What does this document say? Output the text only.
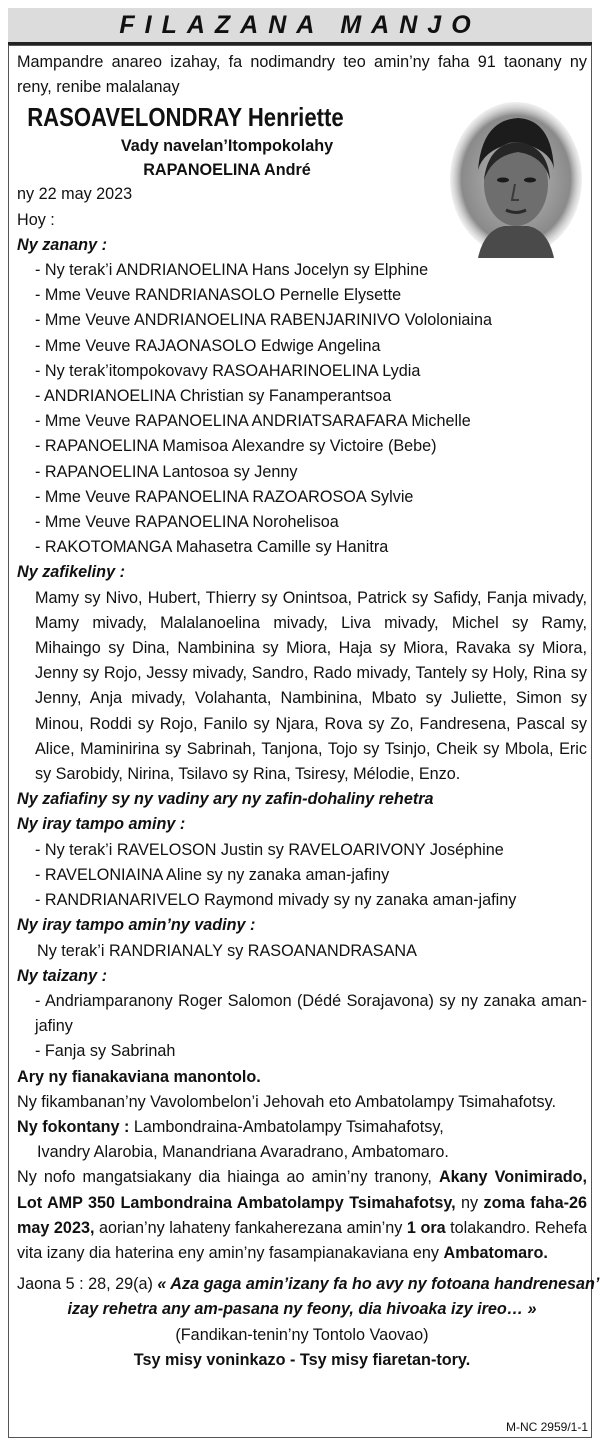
FILAZANA MANJO

Mampandre anareo izahay, fa nodimandry teo amin’ny faha 91 taonany ny reny, renibe malalanay

RASOAVELONDRAY Henriette

Vady navelan’Itompokolahy

RAPANOELINA André

ny 22 may 2023

Hoy :

Ny zanany :

- Ny terak’i ANDRIANOELINA Hans Jocelyn sy Elphine

- Mme Veuve RANDRIANASOLO Pernelle Elysette

- Mme Veuve ANDRIANOELINA RABENJARINIVO Vololoniaina

- Mme Veuve RAJAONASOLO Edwige Angelina

- Ny terak’itompokovavy RASOAHARINOELINA Lydia

- ANDRIANOELINA Christian sy Fanamperantsoa

- Mme Veuve RAPANOELINA ANDRIATSARAFARA Michelle

- RAPANOELINA Mamisoa Alexandre sy Victoire (Bebe)

- RAPANOELINA Lantosoa sy Jenny

- Mme Veuve RAPANOELINA RAZOAROSOA Sylvie

- Mme Veuve RAPANOELINA Norohelisoa

- RAKOTOMANGA Mahasetra Camille sy Hanitra

Ny zafikeliny :

Mamy sy Nivo, Hubert, Thierry sy Onintsoa, Patrick sy Safidy, Fanja mivady, Mamy mivady, Malalanoelina mivady, Liva mivady, Michel sy Ramy, Mihaingo sy Dina, Nambinina sy Miora, Haja sy Miora, Ravaka sy Miora, Jenny sy Rojo, Jessy mivady, Sandro, Rado mivady, Tantely sy Holy, Rina sy Jenny, Anja mivady, Volahanta, Nambinina, Mbato sy Juliette, Simon sy Minou, Roddi sy Rojo, Fanilo sy Njara, Rova sy Zo, Fandresena, Pascal sy Alice, Maminirina sy Sabrinah, Tanjona, Tojo sy Tsinjo, Cheik sy Mbola, Eric sy Sarobidy, Nirina, Tsilavo sy Rina, Tsiresy, Mélodie, Enzo.

Ny zafiafiny sy ny vadiny ary ny zafin-dohaliny rehetra

Ny iray tampo aminy :

- Ny terak’i RAVELOSON Justin sy RAVELOARIVONY Joséphine

- RAVELONIAINA Aline sy ny zanaka aman-jafiny

- RANDRIANARIVELO Raymond mivady sy ny zanaka aman-jafiny

Ny iray tampo amin’ny vadiny :

Ny terak’i RANDRIANALY sy RASOANANDRASANA

Ny taizany :

- Andriamparanony Roger Salomon (Dédé Sorajavona) sy ny zanaka aman-jafiny

- Fanja sy Sabrinah

Ary ny fianakaviana manontolo.

Ny fikambanan’ny Vavolombelon’i Jehovah eto Ambatolampy Tsimahafotsy.

Ny fokontany : Lambondraina-Ambatolampy Tsimahafotsy,

Ivandry Alarobia, Manandriana Avaradrano, Ambatomaro.

Ny nofo mangatsiakany dia hiainga ao amin’ny tranony, Akany Vonimirado, Lot AMP 350 Lambondraina Ambatolampy Tsimahafotsy, ny zoma faha-26 may 2023, aorian’ny lahateny fankaherezana amin’ny 1 ora tolakandro. Rehefa vita izany dia haterina eny amin’ny fasampianakaviana eny Ambatomaro.

Jaona 5 : 28, 29(a) « Aza gaga amin’izany fa ho avy ny fotoana handrenesan’

izay rehetra any am-pasana ny feony, dia hivoaka izy ireo… »

(Fandikan-tenin’ny Tontolo Vaovao)

Tsy misy voninkazo - Tsy misy fiaretan-tory.

M-NC 2959/1-1
